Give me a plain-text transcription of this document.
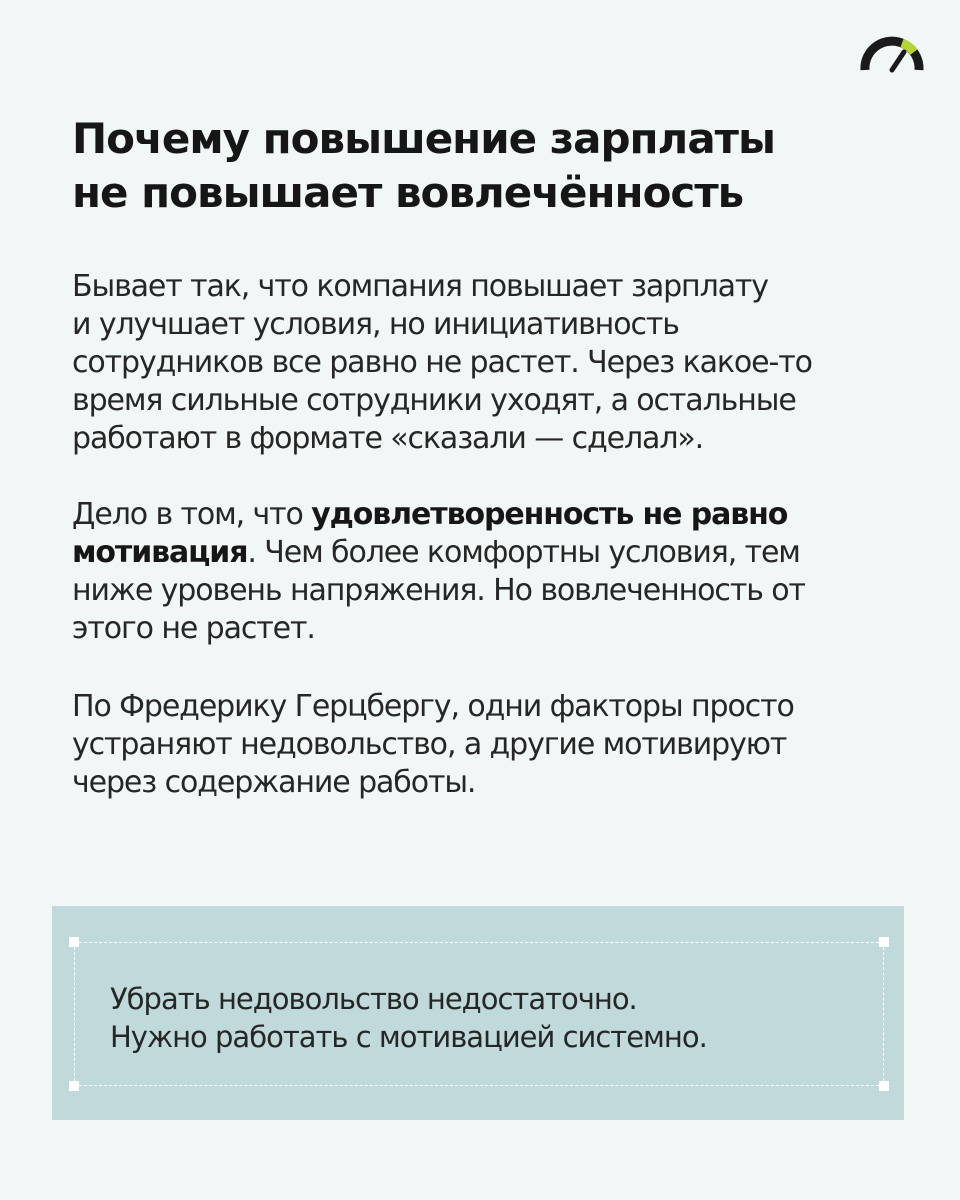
Почему повышение зарплаты
не повышает вовлечённость

Бывает так, что компания повышает зарплату
и улучшает условия, но инициативность
сотрудников все равно не растет. Через какое-то
время сильные сотрудники уходят, а остальные
работают в формате «сказали — сделал».

Дело в том, что удовлетворенность не равно
мотивация. Чем более комфортны условия, тем
ниже уровень напряжения. Но вовлеченность от
этого не растет.

По Фредерику Герцбергу, одни факторы просто
устраняют недовольство, а другие мотивируют
через содержание работы.

Убрать недовольство недостаточно.
Нужно работать с мотивацией системно.
